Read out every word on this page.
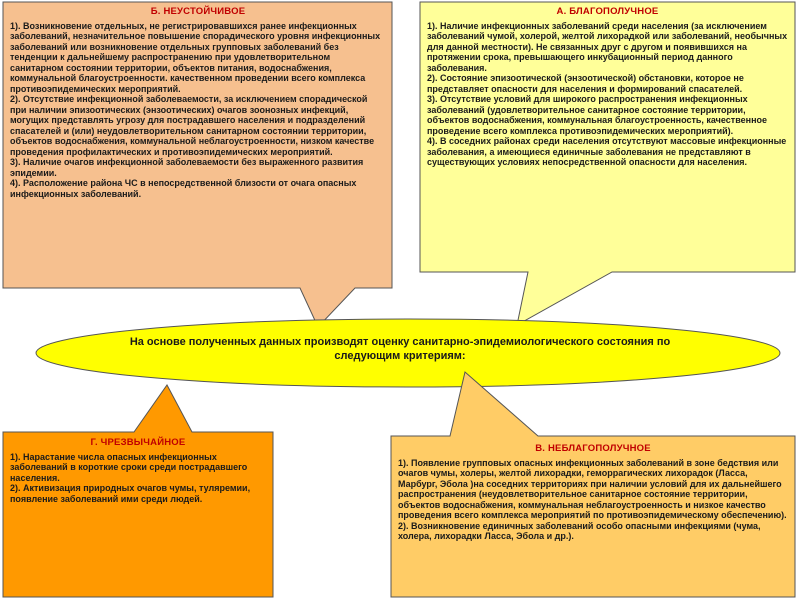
Б. НЕУСТОЙЧИВОЕ

1). Возникновение отдельных, не регистрировавшихся ранее инфекционных заболеваний, незначительное повышение спорадического уровня инфекционных заболеваний или возникновение отдельных групповых заболеваний без тенденции к дальнейшему распространению при удовлетворительном санитарном состоянии территории, объектов питания, водоснабжения, коммунальной благоустроенности. качественном проведении всего комплекса противоэпидемических мероприятий.

2). Отсутствие инфекционной заболеваемости, за исключением спорадической при наличии эпизоотических (энзоотических) очагов зоонозных инфекций, могущих представлять угрозу для пострадавшего населения и подразделений спасателей и (или) неудовлетворительном санитарном состоянии территории, объектов водоснабжения, коммунальной неблагоустроенности, низком качестве проведения профилактических и противоэпидемических мероприятий.

3). Наличие очагов инфекционной заболеваемости без выраженного развития эпидемии.

4). Расположение района ЧС в непосредственной близости от очага опасных инфекционных заболеваний.

А. БЛАГОПОЛУЧНОЕ

1). Наличие инфекционных заболеваний среди населения (за исключением заболеваний чумой, холерой, желтой лихорадкой или заболеваний, необычных для данной местности). Не связанных друг с другом и появившихся на протяжении срока, превышающего инкубационный период данного заболевания.

2). Состояние эпизоотической (энзоотической) обстановки, которое не представляет опасности для населения и формирований спасателей.

3). Отсутствие условий для широкого распространения инфекционных заболеваний (удовлетворительное санитарное состояние территории, объектов водоснабжения, коммунальная благоустроенность, качественное проведение всего комплекса противоэпидемических мероприятий).

4). В соседних районах среди населения отсутствуют массовые инфекционные заболевания, а имеющиеся единичные заболевания не представляют в существующих условиях непосредственной опасности для населения.

На основе полученных данных производят оценку санитарно-эпидемиологического состояния по следующим критериям:
Г. ЧРЕЗВЫЧАЙНОЕ

1). Нарастание числа опасных инфекционных заболеваний в короткие сроки среди пострадавшего населения.

2). Активизация природных очагов чумы, туляремии, появление заболеваний ими среди людей.

В. НЕБЛАГОПОЛУЧНОЕ

1). Появление групповых опасных инфекционных заболеваний в зоне бедствия или очагов чумы, холеры, желтой лихорадки, геморрагических лихорадок (Ласса, Марбург, Эбола )на соседних территориях при наличии условий для их дальнейшего распространения (неудовлетворительное санитарное состояние территории, объектов водоснабжения, коммунальная неблагоустроенность и низкое качество проведения всего комплекса мероприятий по противоэпидемическому обеспечению).

2). Возникновение единичных заболеваний особо опасными инфекциями (чума, холера, лихорадки Ласса, Эбола и др.).
